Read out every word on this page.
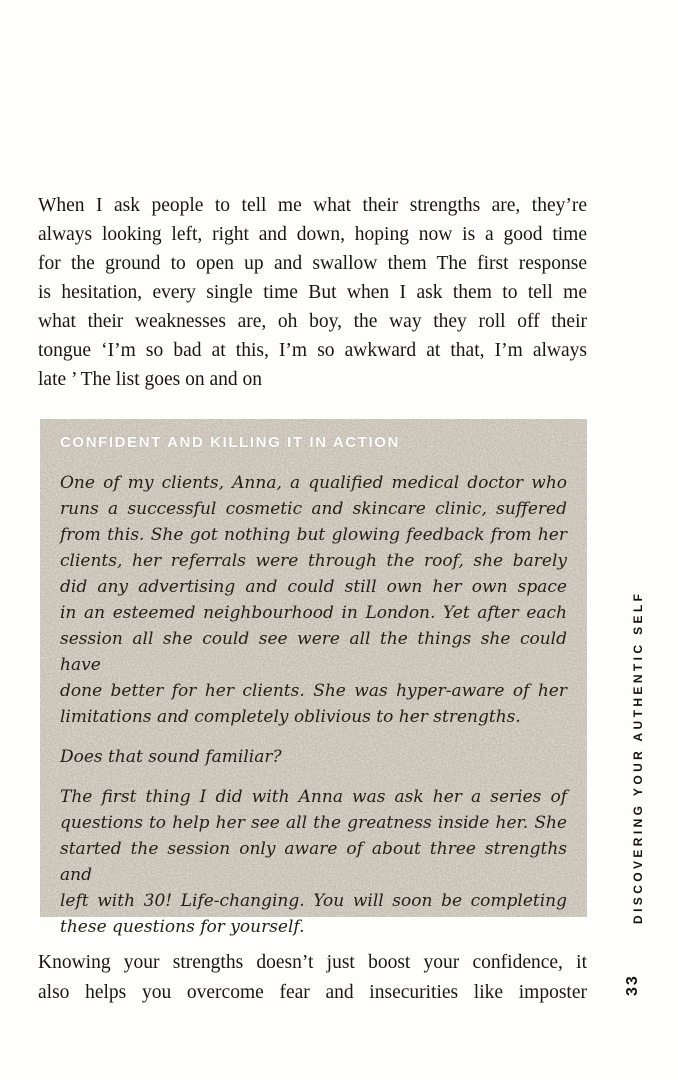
When I ask people to tell me what their strengths are, they’re
always looking left, right and down, hoping now is a good time
for the ground to open up and swallow them The first response
is hesitation, every single time But when I ask them to tell me
what their weaknesses are, oh boy, the way they roll off their
tongue ‘I’m so bad at this, I’m so awkward at that, I’m always
late ’ The list goes on and on
CONFIDENT AND KILLING IT IN ACTION
One of my clients, Anna, a qualified medical doctor who
runs a successful cosmetic and skincare clinic, suffered
from this. She got nothing but glowing feedback from her
clients, her referrals were through the roof, she barely
did any advertising and could still own her own space
in an esteemed neighbourhood in London. Yet after each
session all she could see were all the things she could have
done better for her clients. She was hyper-aware of her
limitations and completely oblivious to her strengths.
Does that sound familiar?
The first thing I did with Anna was ask her a series of
questions to help her see all the greatness inside her. She
started the session only aware of about three strengths and
left with 30! Life-changing. You will soon be completing
these questions for yourself.
Knowing your strengths doesn’t just boost your confidence, it
also helps you overcome fear and insecurities like imposter
DISCOVERING YOUR AUTHENTIC SELF
33
